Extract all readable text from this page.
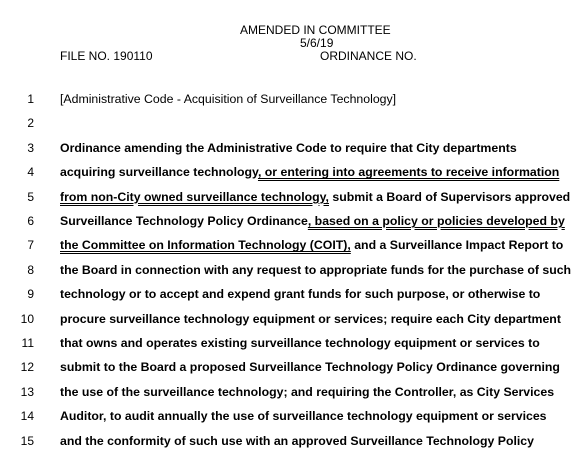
AMENDED IN COMMITTEE
5/6/19
FILE NO. 190110	ORDINANCE NO.
1 [Administrative Code - Acquisition of Surveillance Technology]
2
3 Ordinance amending the Administrative Code to require that City departments
4 acquiring surveillance technology, or entering into agreements to receive information
5 from non-City owned surveillance technology, submit a Board of Supervisors approved
6 Surveillance Technology Policy Ordinance, based on a policy or policies developed by
7 the Committee on Information Technology (COIT), and a Surveillance Impact Report to
8 the Board in connection with any request to appropriate funds for the purchase of such
9 technology or to accept and expend grant funds for such purpose, or otherwise to
10 procure surveillance technology equipment or services; require each City department
11 that owns and operates existing surveillance technology equipment or services to
12 submit to the Board a proposed Surveillance Technology Policy Ordinance governing
13 the use of the surveillance technology; and requiring the Controller, as City Services
14 Auditor, to audit annually the use of surveillance technology equipment or services
15 and the conformity of such use with an approved Surveillance Technology Policy
